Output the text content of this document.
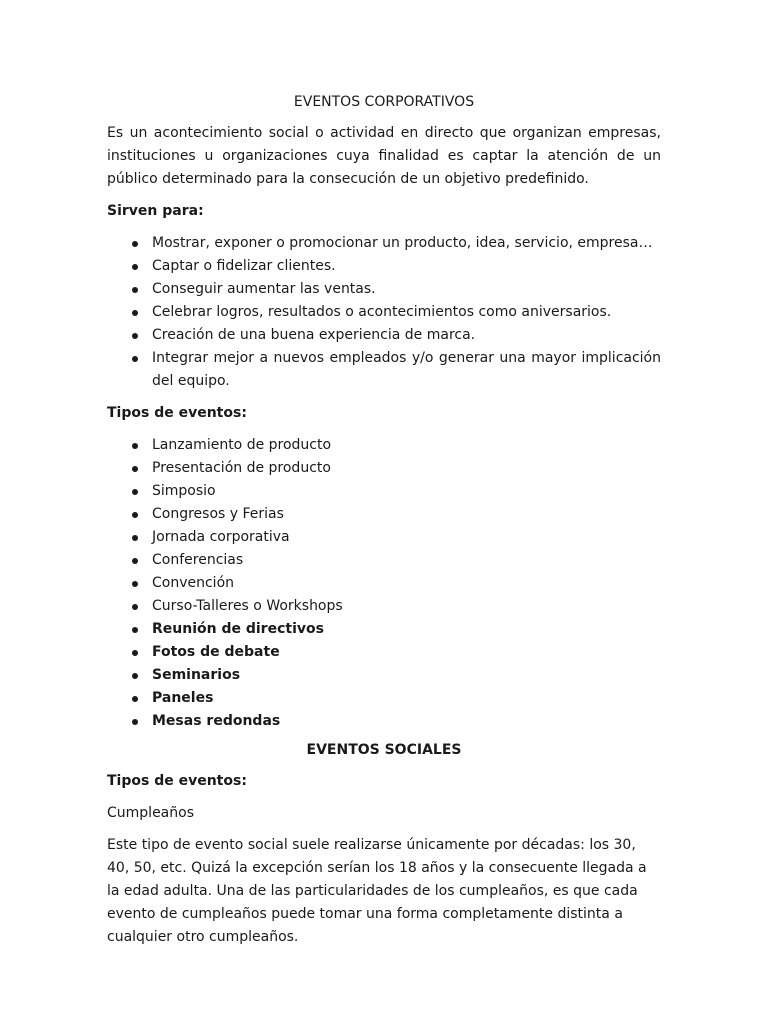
EVENTOS CORPORATIVOS

Es un acontecimiento social o actividad en directo que organizan empresas, instituciones u organizaciones cuya finalidad es captar la atención de un público determinado para la consecución de un objetivo predefinido.

Sirven para:
Mostrar, exponer o promocionar un producto, idea, servicio, empresa…
Captar o fidelizar clientes.
Conseguir aumentar las ventas.
Celebrar logros, resultados o acontecimientos como aniversarios.
Creación de una buena experiencia de marca.
Integrar mejor a nuevos empleados y/o generar una mayor implicación del equipo.
Tipos de eventos:
Lanzamiento de producto
Presentación de producto
Simposio
Congresos y Ferias
Jornada corporativa
Conferencias
Convención
Curso-Talleres o Workshops
Reunión de directivos
Fotos de debate
Seminarios
Paneles
Mesas redondas
EVENTOS SOCIALES
Tipos de eventos:

Cumpleaños

Este tipo de evento social suele realizarse únicamente por décadas: los 30, 40, 50, etc. Quizá la excepción serían los 18 años y la consecuente llegada a la edad adulta. Una de las particularidades de los cumpleaños, es que cada evento de cumpleaños puede tomar una forma completamente distinta a cualquier otro cumpleaños.
